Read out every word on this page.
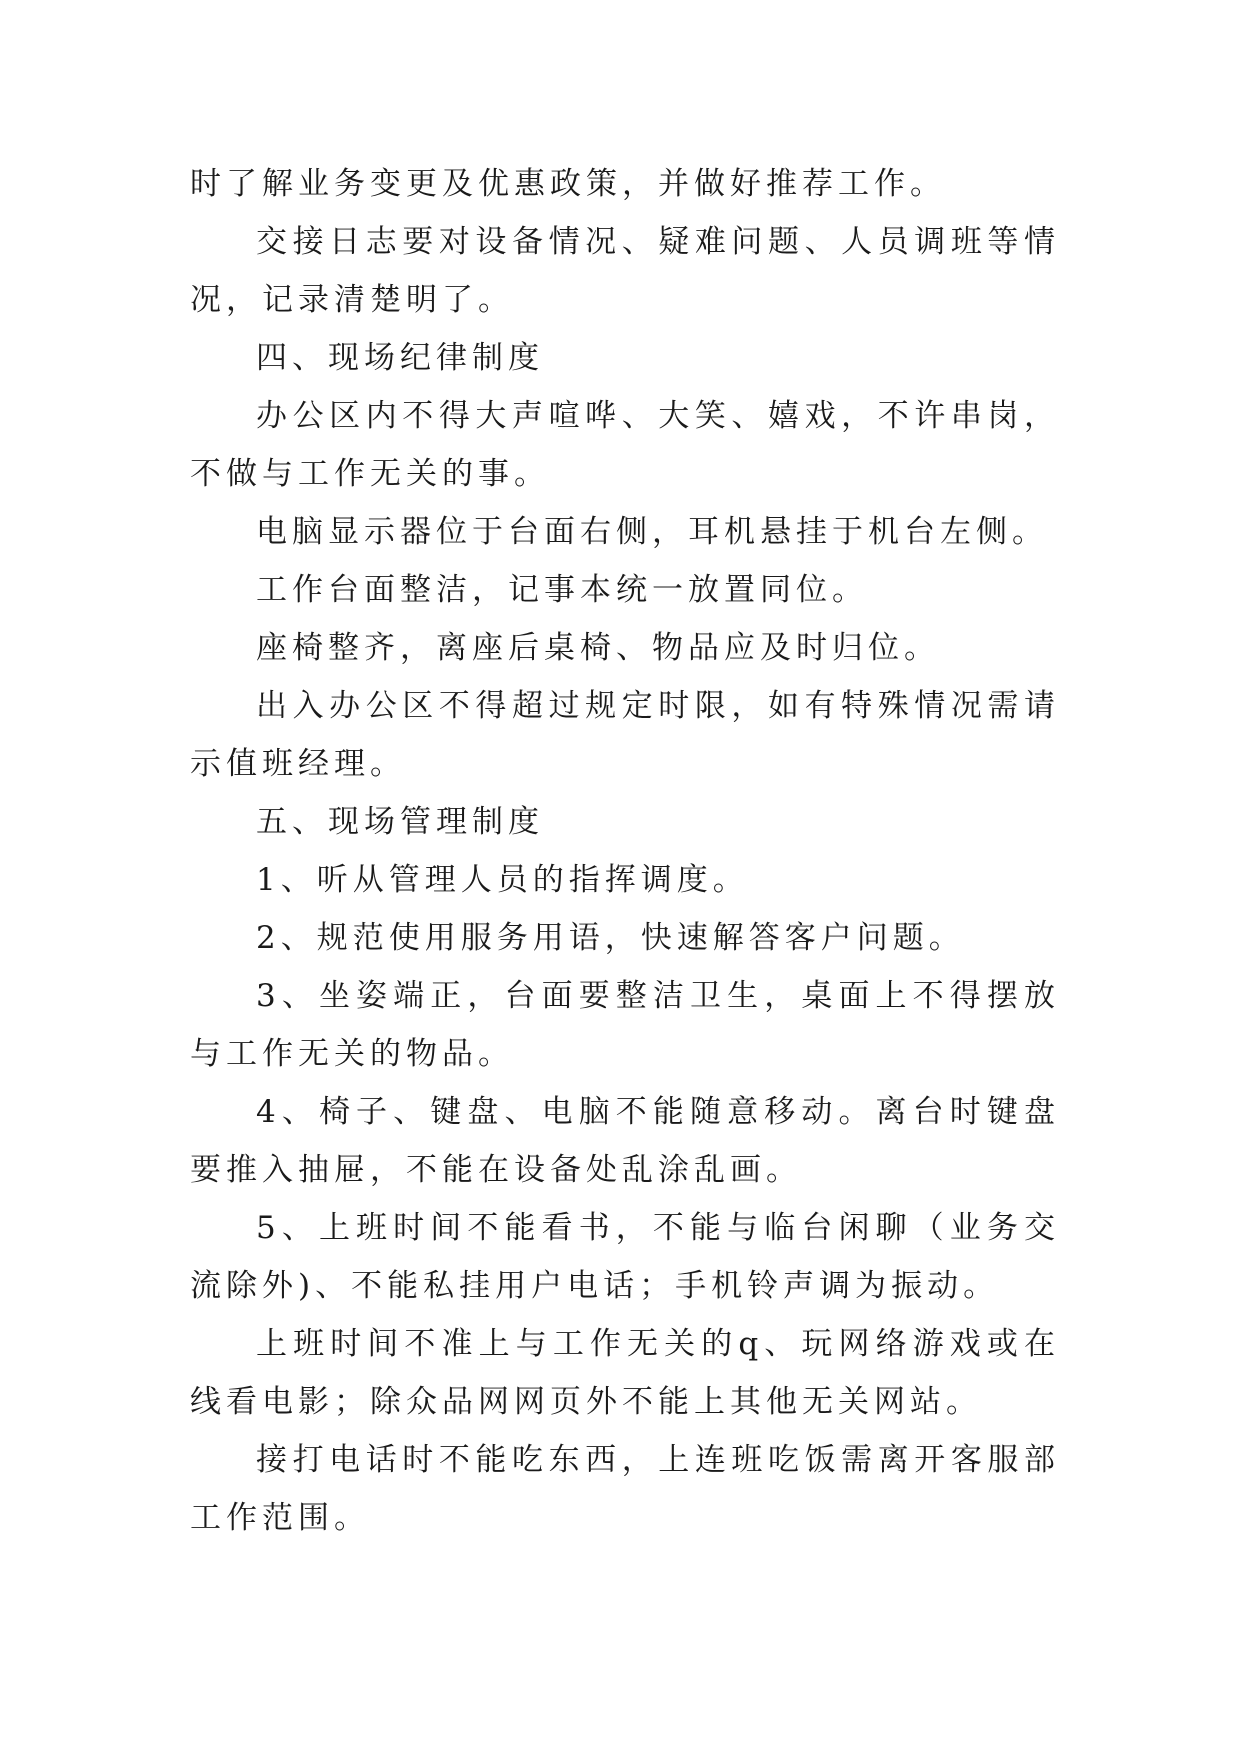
时了解业务变更及优惠政策，并做好推荐工作。

交接日志要对设备情况、疑难问题、人员调班等情况，记录清楚明了。

四、现场纪律制度

办公区内不得大声喧哗、大笑、嬉戏，不许串岗，不做与工作无关的事。

电脑显示器位于台面右侧，耳机悬挂于机台左侧。

工作台面整洁，记事本统一放置同位。

座椅整齐，离座后桌椅、物品应及时归位。

出入办公区不得超过规定时限，如有特殊情况需请示值班经理。

五、现场管理制度

1、听从管理人员的指挥调度。

2、规范使用服务用语，快速解答客户问题。

3、坐姿端正，台面要整洁卫生，桌面上不得摆放与工作无关的物品。

4、椅子、键盘、电脑不能随意移动。离台时键盘要推入抽屉，不能在设备处乱涂乱画。

5、上班时间不能看书，不能与临台闲聊（业务交流除外)、不能私挂用户电话；手机铃声调为振动。

上班时间不准上与工作无关的q、玩网络游戏或在线看电影；除众品网网页外不能上其他无关网站。

接打电话时不能吃东西，上连班吃饭需离开客服部工作范围。
